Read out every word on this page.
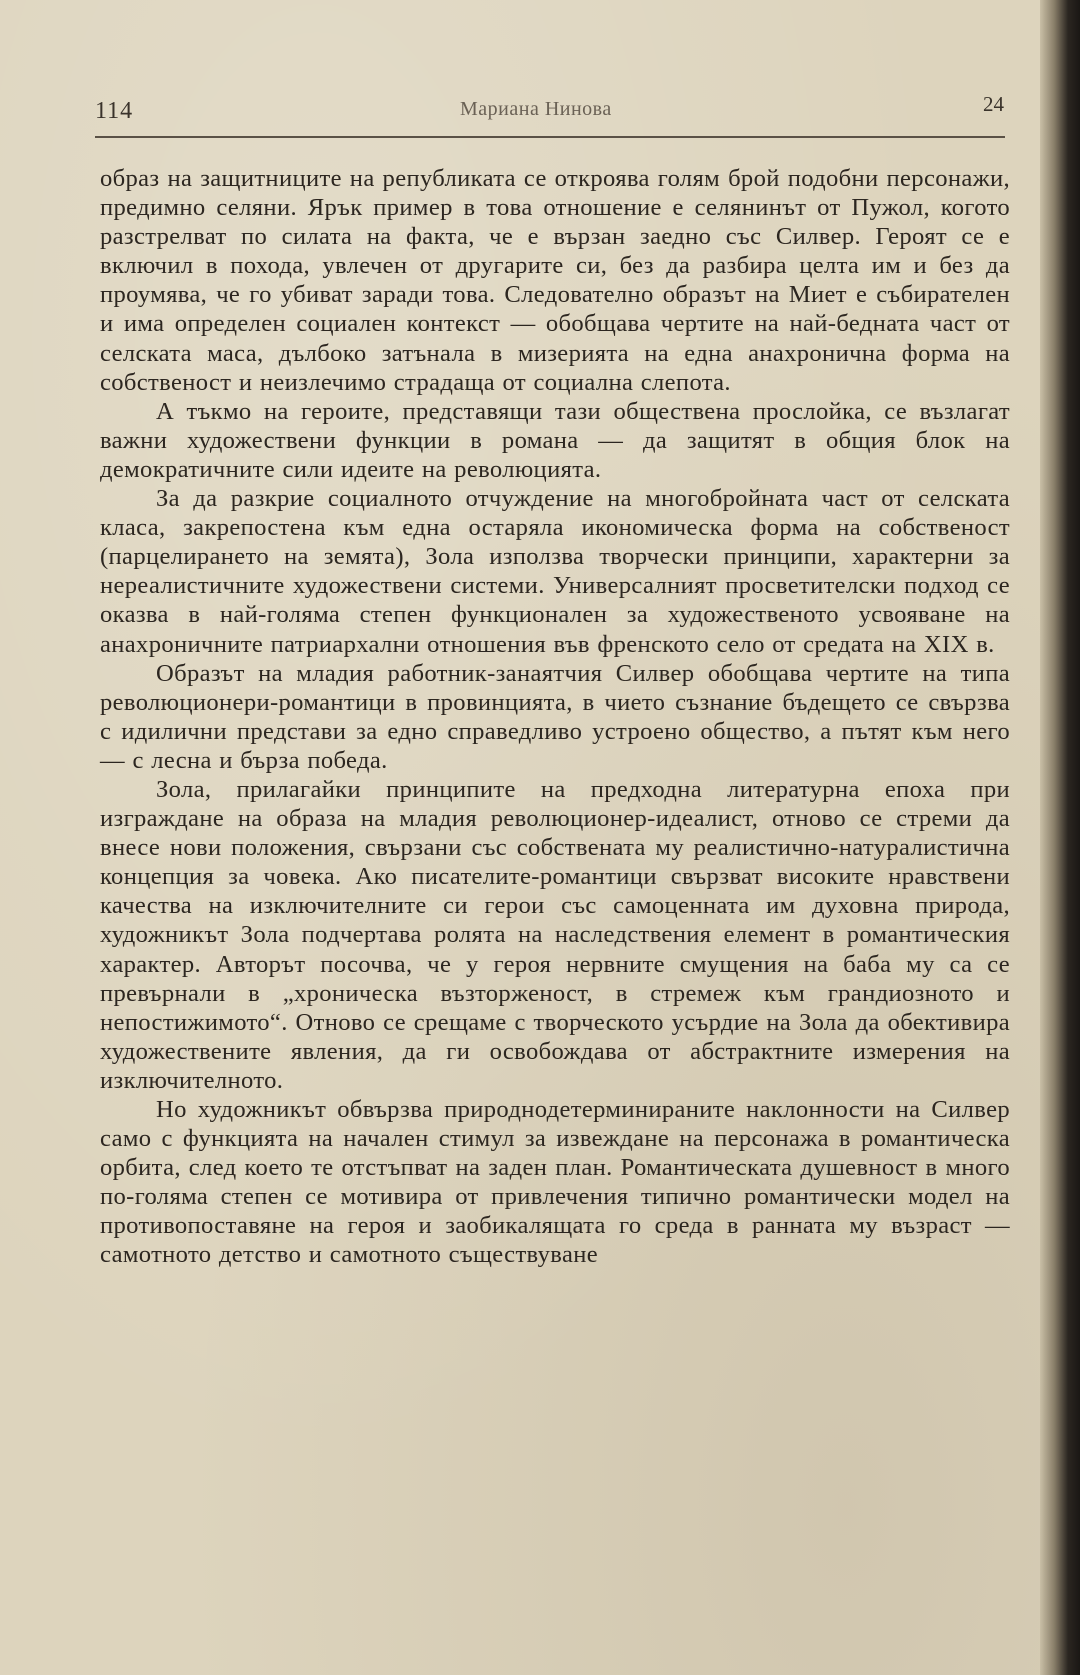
114	Мариана Нинова	24

образ на защитниците на републиката се откроява голям брой подобни персонажи, предимно селяни. Ярък пример в това отношение е селянинът от Пужол, когото разстрелват по силата на факта, че е вързан заедно със Силвер. Героят се е включил в похода, увлечен от другарите си, без да разбира целта им и без да проумява, че го убиват заради това. Следователно образът на Миет е събирателен и има определен социален контекст — обобщава чертите на най-бедната част от селската маса, дълбоко затънала в мизерията на една анахронична форма на собственост и неизлечимо страдаща от социална слепота.

А тъкмо на героите, представящи тази обществена прослойка, се възлагат важни художествени функции в романа — да защитят в общия блок на демократичните сили идеите на революцията.

За да разкрие социалното отчуждение на многобройната част от селската класа, закрепостена към една остаряла икономическа форма на собственост (парцелирането на земята), Зола използва творчески принципи, характерни за нереалистичните художествени системи. Универсалният просветителски подход се оказва в най-голяма степен функционален за художественото усвояване на анахроничните патриархални отношения във френското село от средата на XIX в.

Образът на младия работник-занаятчия Силвер обобщава чертите на типа революционери-романтици в провинцията, в чието съзнание бъдещето се свързва с идилични представи за едно справедливо устроено общество, а пътят към него — с лесна и бърза победа.

Зола, прилагайки принципите на предходна литературна епоха при изграждане на образа на младия революционер-идеалист, отново се стреми да внесе нови положения, свързани със собствената му реалистично-натуралистична концепция за човека. Ако писателите-романтици свързват високите нравствени качества на изключителните си герои със самоценната им духовна природа, художникът Зола подчертава ролята на наследствения елемент в романтическия характер. Авторът посочва, че у героя нервните смущения на баба му са се превърнали в „хроническа възторженост, в стремеж към грандиозното и непостижимото“. Отново се срещаме с творческото усърдие на Зола да обективира художествените явления, да ги освобождава от абстрактните измерения на изключителното.

Но художникът обвързва природнодетерминираните наклонности на Силвер само с функцията на начален стимул за извеждане на персонажа в романтическа орбита, след което те отстъпват на заден план. Романтическата душевност в много по-голяма степен се мотивира от привлечения типично романтически модел на противопоставяне на героя и заобикалящата го среда в ранната му възраст — самотното детство и самотното съществуване
